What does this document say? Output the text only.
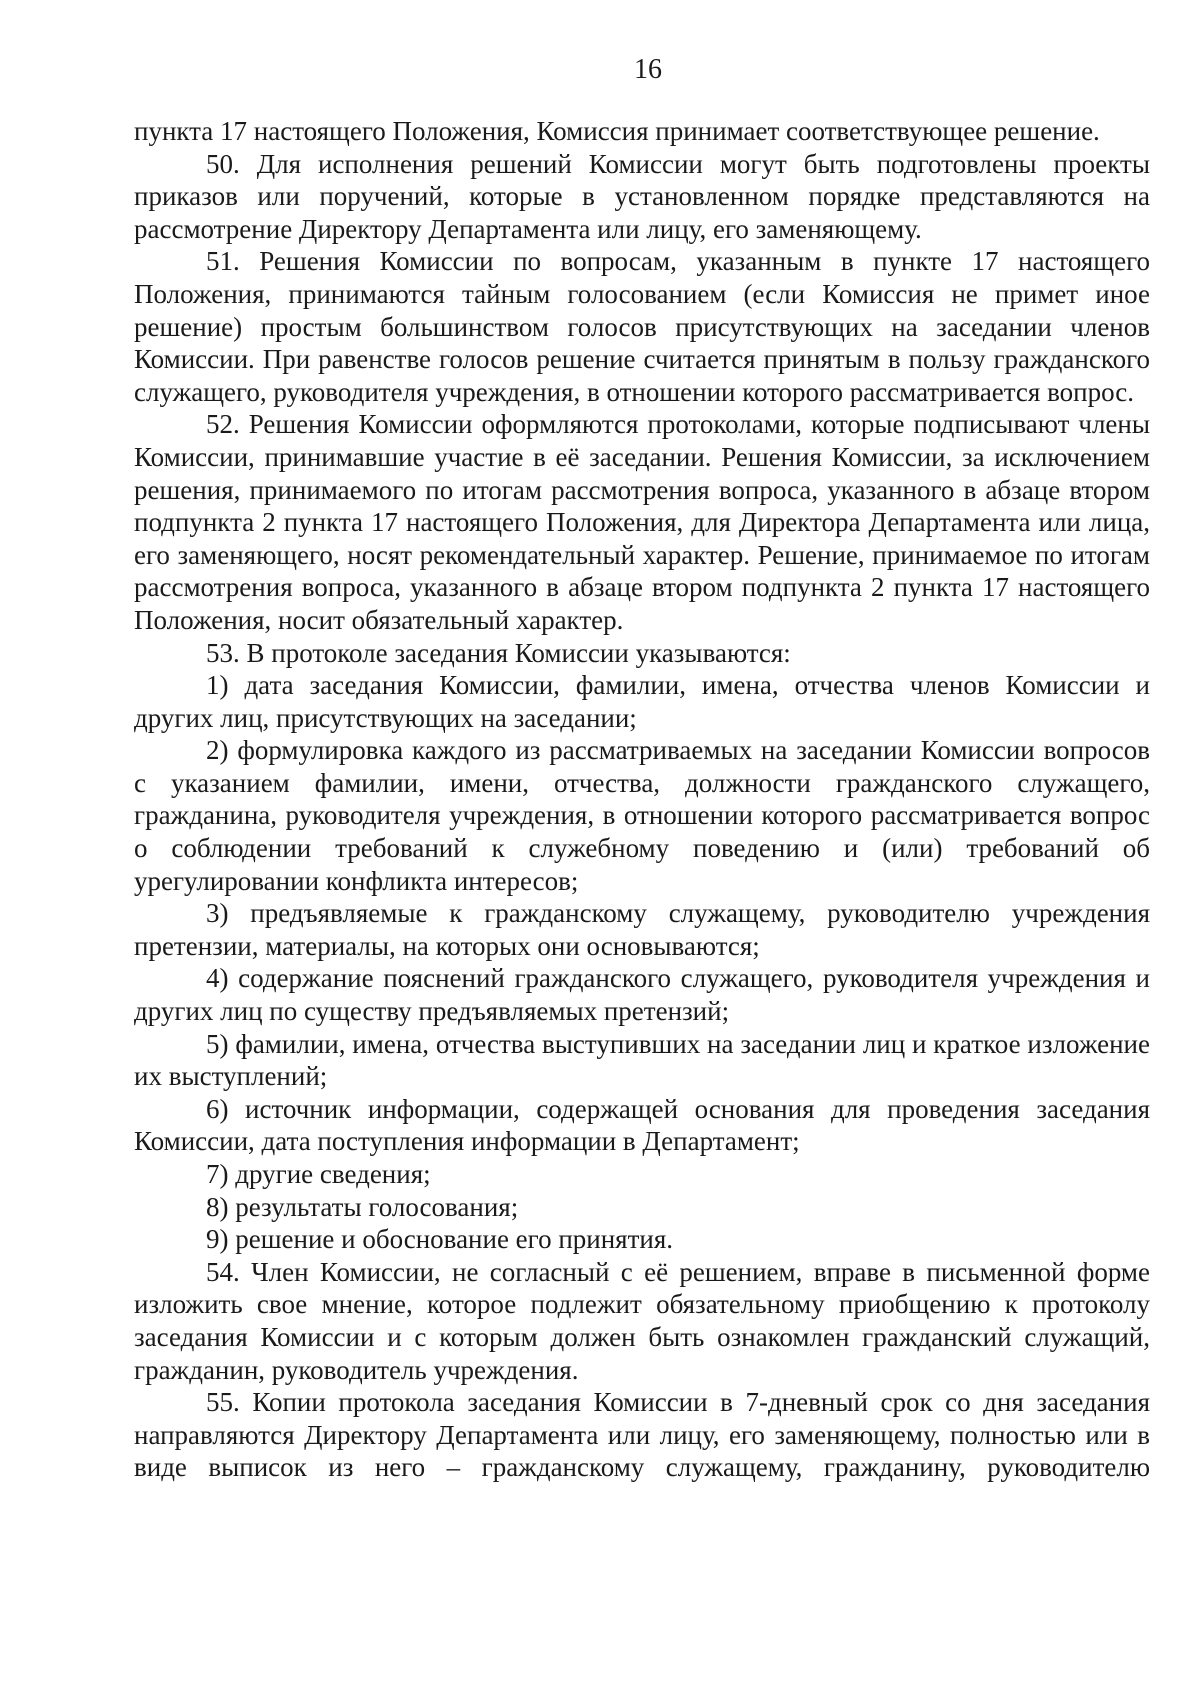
16

пункта 17 настоящего Положения, Комиссия принимает соответствующее решение.

50. Для исполнения решений Комиссии могут быть подготовлены проекты приказов или поручений, которые в установленном порядке представляются на рассмотрение Директору Департамента или лицу, его заменяющему.

51. Решения Комиссии по вопросам, указанным в пункте 17 настоящего Положения, принимаются тайным голосованием (если Комиссия не примет иное решение) простым большинством голосов присутствующих на заседании членов Комиссии. При равенстве голосов решение считается принятым в пользу гражданского служащего, руководителя учреждения, в отношении которого рассматривается вопрос.

52. Решения Комиссии оформляются протоколами, которые подписывают члены Комиссии, принимавшие участие в её заседании. Решения Комиссии, за исключением решения, принимаемого по итогам рассмотрения вопроса, указанного в абзаце втором подпункта 2 пункта 17 настоящего Положения, для Директора Департамента или лица, его заменяющего, носят рекомендательный характер. Решение, принимаемое по итогам рассмотрения вопроса, указанного в абзаце втором подпункта 2 пункта 17 настоящего Положения, носит обязательный характер.

53. В протоколе заседания Комиссии указываются:

1) дата заседания Комиссии, фамилии, имена, отчества членов Комиссии и других лиц, присутствующих на заседании;

2) формулировка каждого из рассматриваемых на заседании Комиссии вопросов с указанием фамилии, имени, отчества, должности гражданского служащего, гражданина, руководителя учреждения, в отношении которого рассматривается вопрос о соблюдении требований к служебному поведению и (или) требований об урегулировании конфликта интересов;

3) предъявляемые к гражданскому служащему, руководителю учреждения претензии, материалы, на которых они основываются;

4) содержание пояснений гражданского служащего, руководителя учреждения и других лиц по существу предъявляемых претензий;

5) фамилии, имена, отчества выступивших на заседании лиц и краткое изложение их выступлений;

6) источник информации, содержащей основания для проведения заседания Комиссии, дата поступления информации в Департамент;

7) другие сведения;

8) результаты голосования;

9) решение и обоснование его принятия.

54. Член Комиссии, не согласный с её решением, вправе в письменной форме изложить свое мнение, которое подлежит обязательному приобщению к протоколу заседания Комиссии и с которым должен быть ознакомлен гражданский служащий, гражданин, руководитель учреждения.

55. Копии протокола заседания Комиссии в 7-дневный срок со дня заседания направляются Директору Департамента или лицу, его заменяющему, полностью или в виде выписок из него – гражданскому служащему, гражданину, руководителю
